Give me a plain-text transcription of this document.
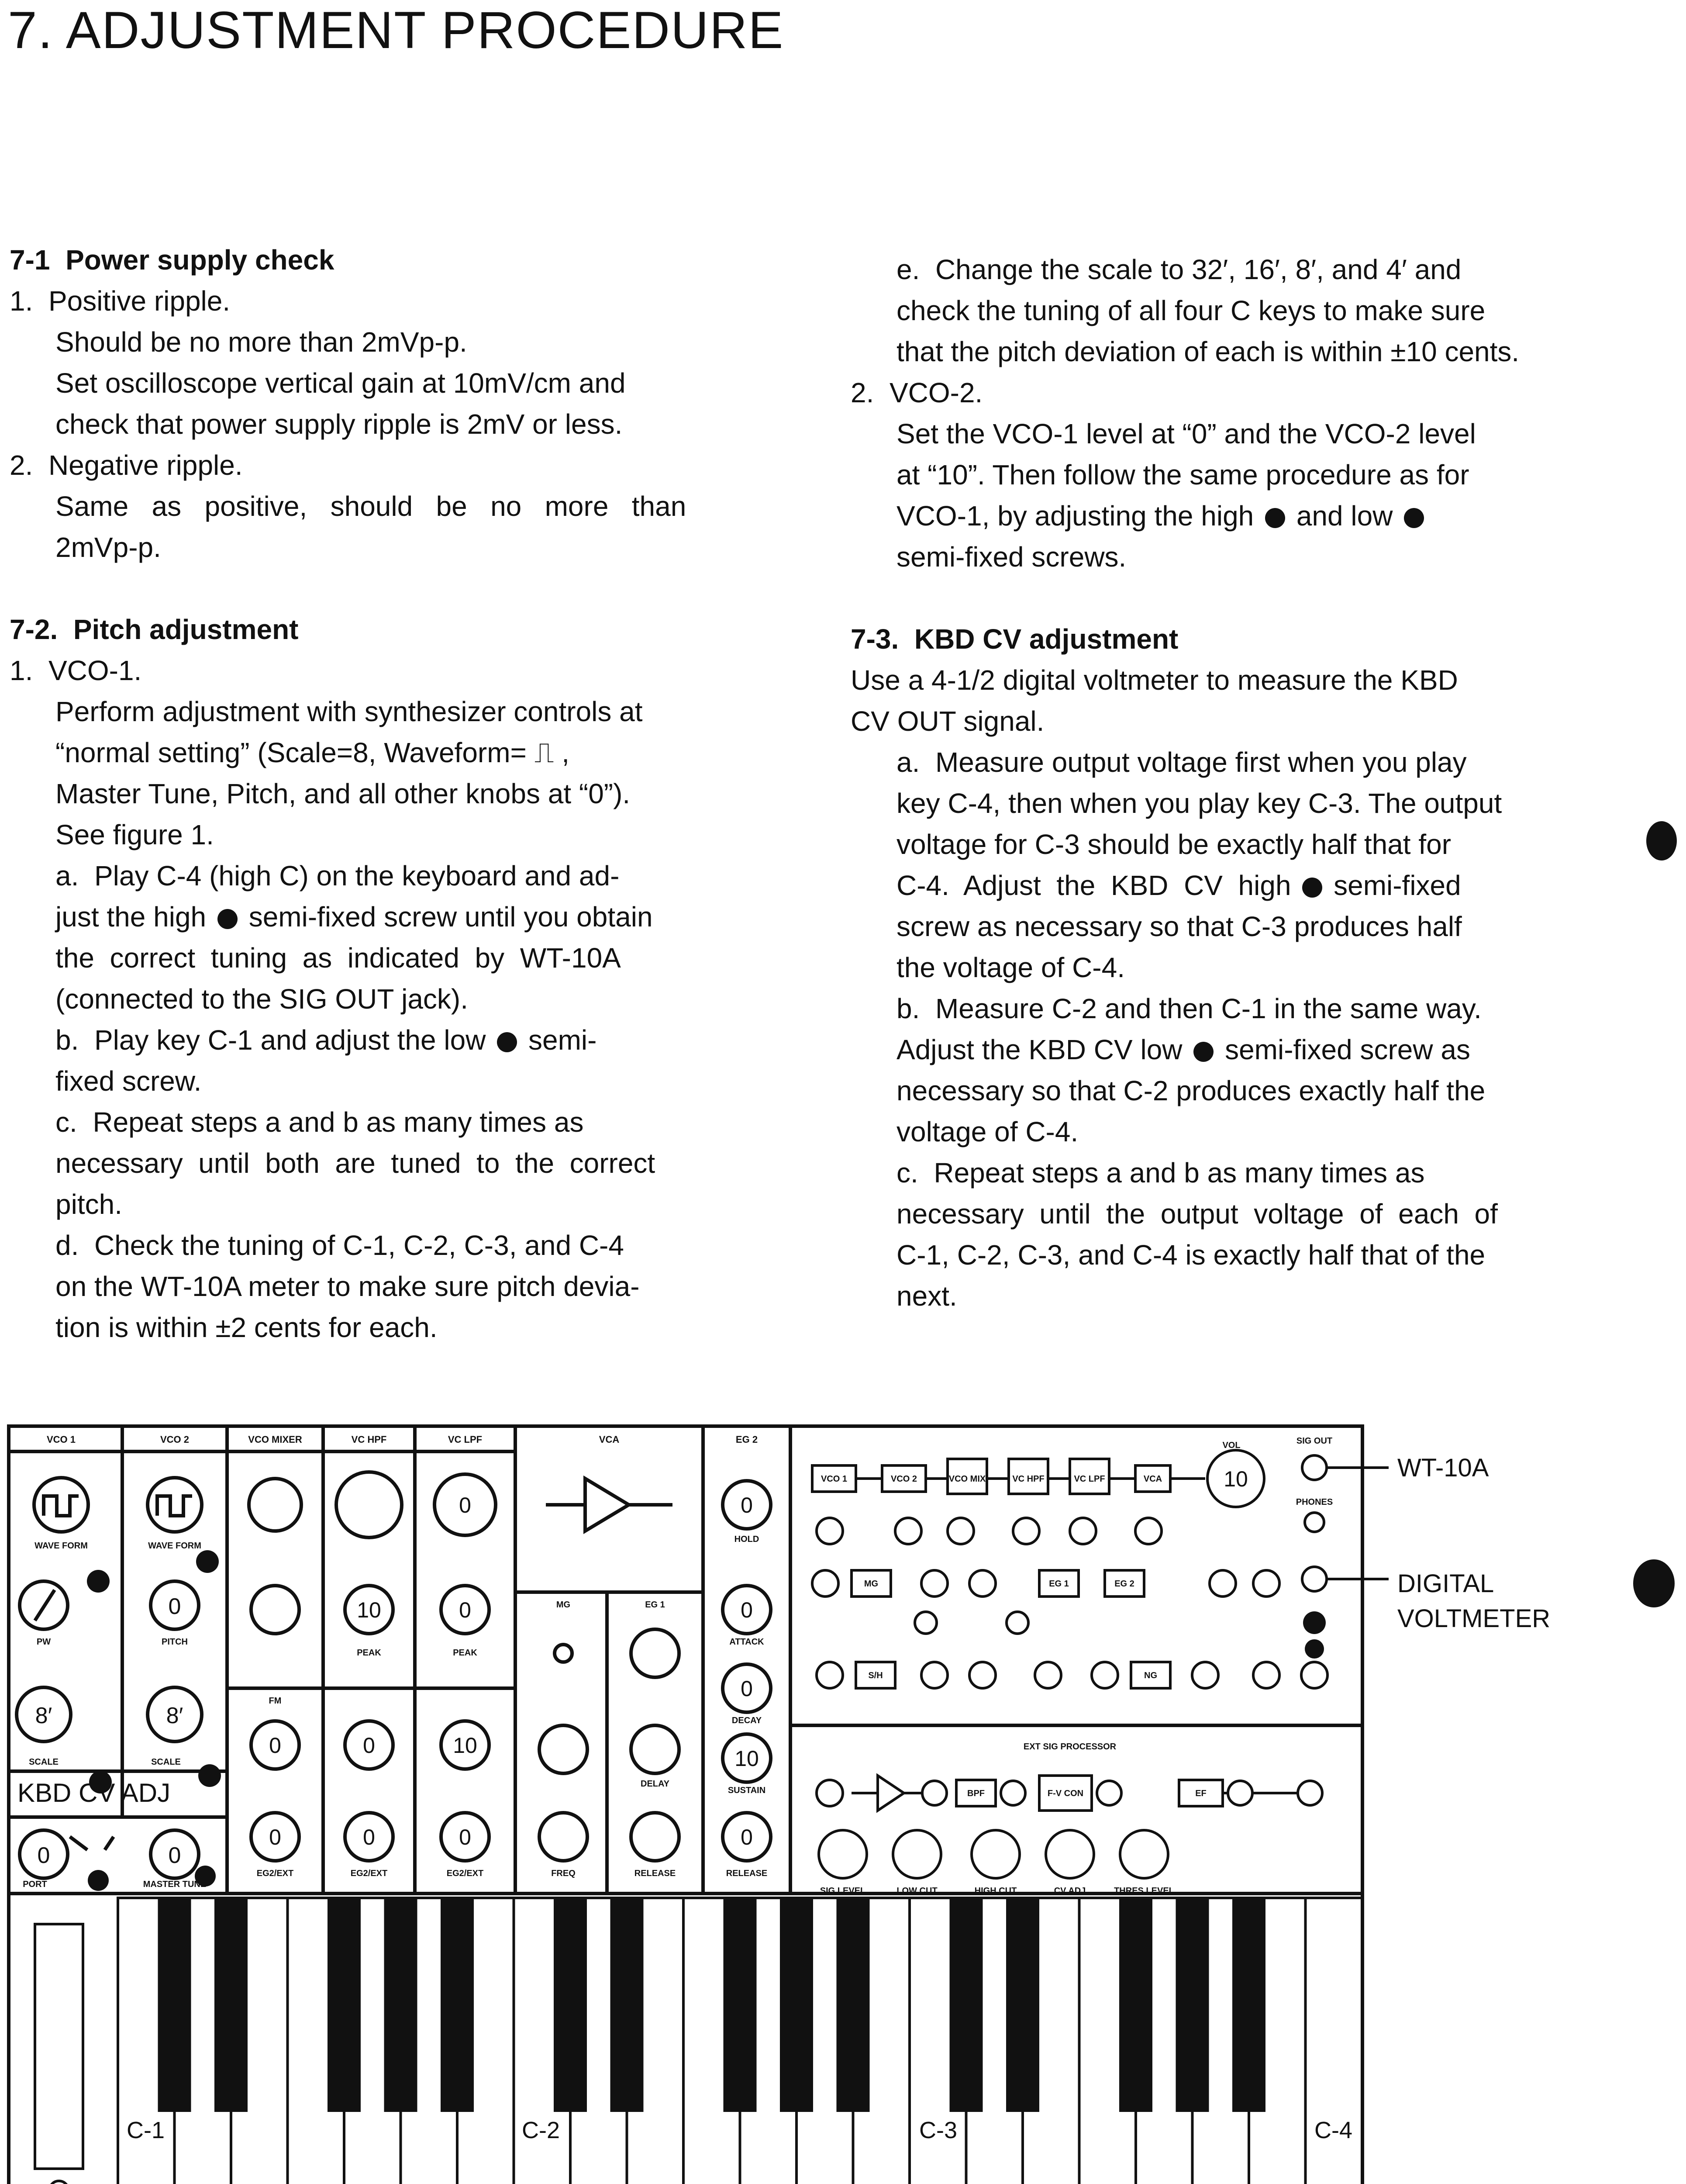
7. ADJUSTMENT PROCEDURE

7-1  Power supply check

1.  Positive ripple.

Should be no more than 2mVp-p.

Set oscilloscope vertical gain at 10mV/cm and

check that power supply ripple is 2mV or less.

2.  Negative ripple.

Same   as   positive,   should   be   no   more   than

2mVp-p.

7-2.  Pitch adjustment

1.  VCO-1.

Perform adjustment with synthesizer controls at

“normal setting” (Scale=8, Waveform= ⎍ ,

Master Tune, Pitch, and all other knobs at “0”).

See figure 1.

a.  Play C-4 (high C) on the keyboard and ad-

just the high semi-fixed screw until you obtain

the  correct  tuning  as  indicated  by  WT-10A

(connected to the SIG OUT jack).

b.  Play key C-1 and adjust the low semi-

fixed screw.

c.  Repeat steps a and b as many times as

necessary  until  both  are  tuned  to  the  correct

pitch.

d.  Check the tuning of C-1, C-2, C-3, and C-4

on the WT-10A meter to make sure pitch devia-

tion is within ±2 cents for each.

e.  Change the scale to 32′, 16′, 8′, and 4′ and

check the tuning of all four C keys to make sure

that the pitch deviation of each is within ±10 cents.

2.  VCO-2.

Set the VCO-1 level at “0” and the VCO-2 level

at “10”. Then follow the same procedure as for

VCO-1, by adjusting the high and low

semi-fixed screws.

7-3.  KBD CV adjustment

Use a 4-1/2 digital voltmeter to measure the KBD

CV OUT signal.

a.  Measure output voltage first when you play

key C-4, then when you play key C-3. The output

voltage for C-3 should be exactly half that for

C-4.  Adjust  the  KBD  CV  high semi-fixed

screw as necessary so that C-3 produces half

the voltage of C-4.

b.  Measure C-2 and then C-1 in the same way.

Adjust the KBD CV low semi-fixed screw as

necessary so that C-2 produces exactly half the

voltage of C-4.

c.  Repeat steps a and b as many times as

necessary  until  the  output  voltage  of  each  of

C-1, C-2, C-3, and C-4 is exactly half that of the

next.

VCO 1	VCO 2	VCO MIXER	VC HPF	VC LPF	VCA	EG 2
WAVE FORM	WAVE FORM
PW	PITCH
SCALE	SCALE
PORT	MASTER TUNE
8′	8′
0
0	0
KBD CV ADJ
0
10	0
0	0	10
0	0	0
0
0
0
10
0
PEAK	PEAK
FM
EG2/EXT	EG2/EXT	EG2/EXT
MG	EG 1
DELAY
FREQ	RELEASE
HOLD
ATTACK
DECAY
SUSTAIN
RELEASE
VCO 1	VCO 2	VCO MIX	VC HPF	VC LPF	VCA
MG	EG 1	EG 2
S/H	NG
BPF	F-V CON	EF
VOL	SIG OUT
PHONES
EXT SIG PROCESSOR
SIG LEVEL	LOW CUT	HIGH CUT	CV ADJ	THRES LEVEL
10	WT-10A
DIGITAL
VOLTMETER
C-1	C-2	C-3	C-4
